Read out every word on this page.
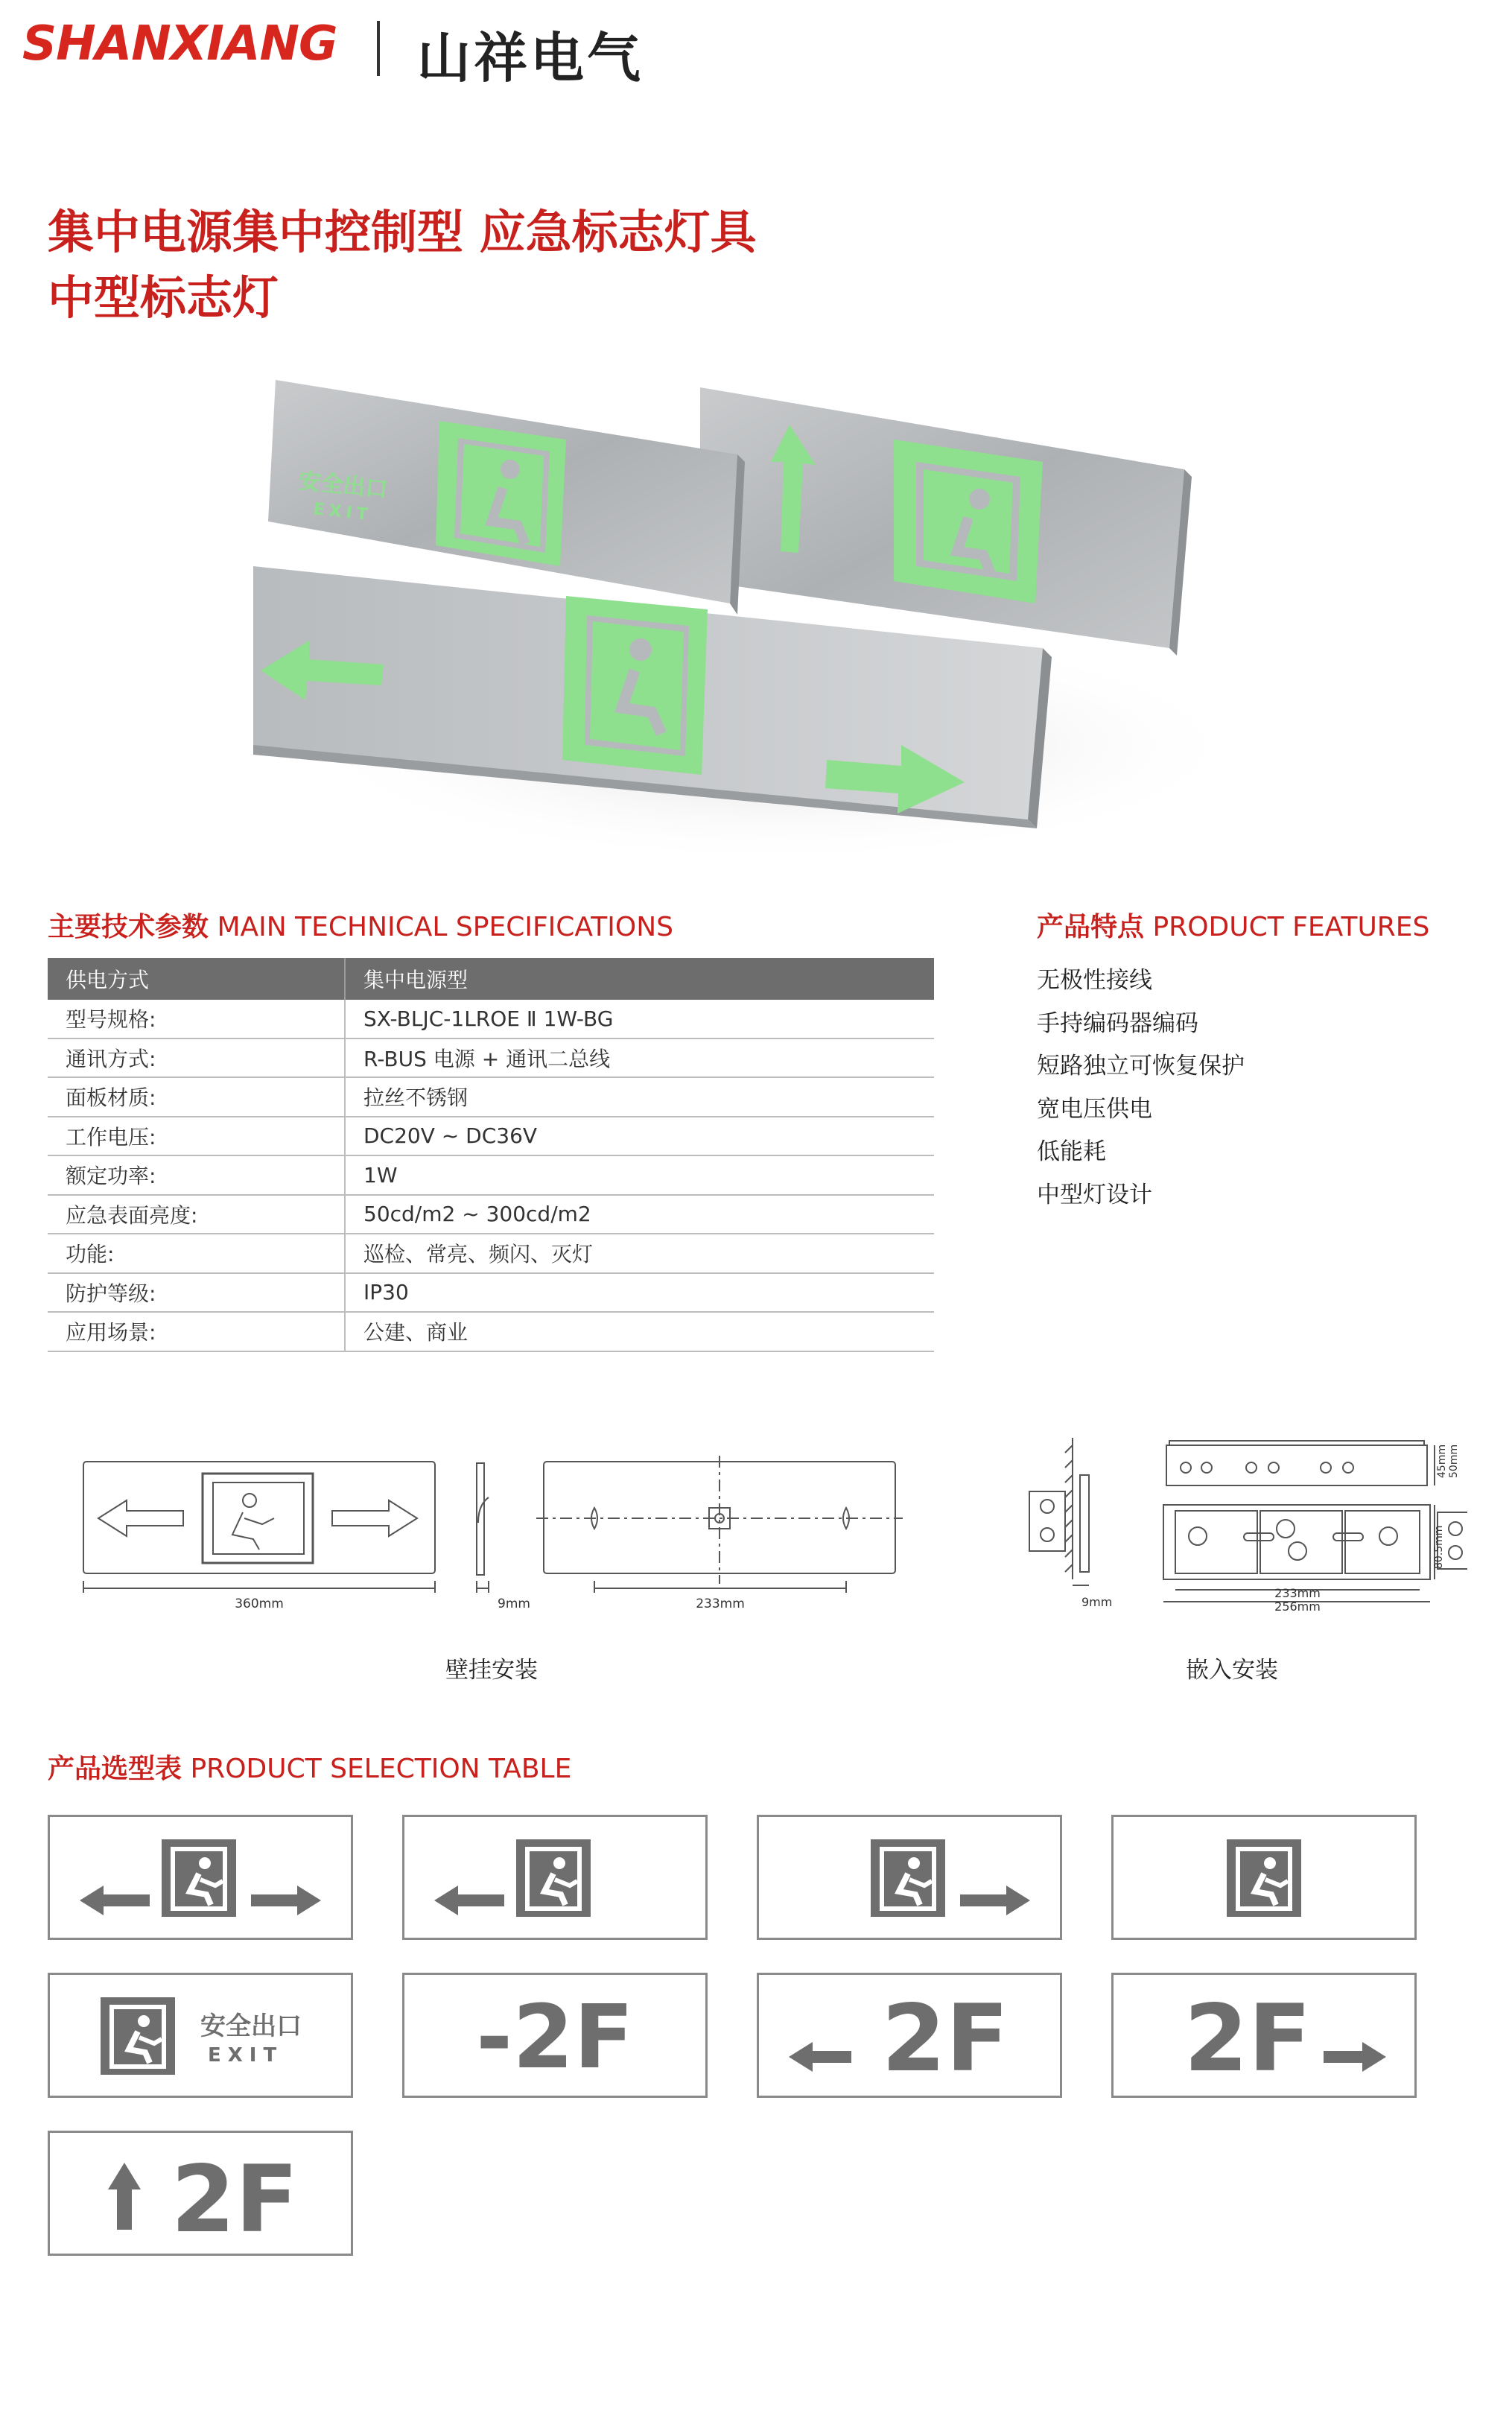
SHANXIANG 山祥电气
集中电源集中控制型 应急标志灯具
中型标志灯
安全出口
EXIT
主要技术参数 MAIN TECHNICAL SPECIFICATIONS
供电方式	集中电源型
型号规格:	SX-BLJC-1LROE Ⅱ 1W-BG
通讯方式:	R-BUS 电源 + 通讯二总线
面板材质:	拉丝不锈钢
工作电压:	DC20V ~ DC36V
额定功率:	1W
应急表面亮度:	50cd/m2 ~ 300cd/m2
功能:	巡检、常亮、频闪、灭灯
防护等级:	IP30
应用场景:	公建、商业
产品特点 PRODUCT FEATURES
无极性接线
手持编码器编码
短路独立可恢复保护
宽电压供电
低能耗
中型灯设计
360mm	9mm	233mm
壁挂安装
9mm
233mm
256mm
45mm 50mm
80.5mm
嵌入安装
产品选型表 PRODUCT SELECTION TABLE
安全出口
EXIT -2F	2F 2F
2F
